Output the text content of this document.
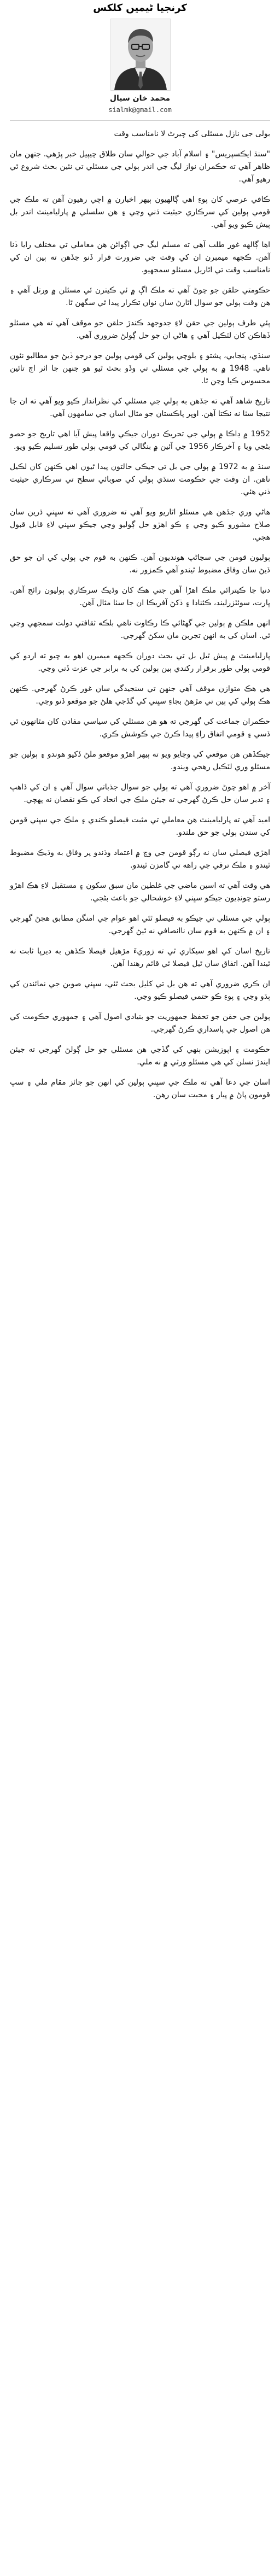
کرنجیا ٹیمیں کلکس
محمد خان سیال
sialmk@gmail.com

بولی جی نازل مسئلی کی چیرٹ لا نامناسب وقت

"سنڌ ايڪسپريس" ۽ اسلام آباد جي حوالي سان طلاق چيپيل خبر پڙهي. جنهن مان ظاهر آهي ته حڪمران نواز ليگ جي اندر ٻولي جي مسئلي تي نئين بحث شروع ٿي رهيو آهي.

ڪافي عرصي کان پوءِ اهي ڳالهيون ٻيهر اخبارن ۾ اچي رهيون آهن ته ملڪ جي قومي ٻولين کي سرڪاري حيثيت ڏني وڃي ۽ هن سلسلي ۾ پارليامينٽ اندر بل پيش ڪيو ويو آهي.

اها ڳالهه غور طلب آهي ته مسلم ليگ جي اڳواڻن هن معاملي تي مختلف رايا ڏنا آهن. ڪجهه ميمبرن ان کي وقت جي ضرورت قرار ڏنو جڏهن ته ٻين ان کي نامناسب وقت تي اٿاريل مسئلو سمجهيو.

حڪومتي حلقن جو چوڻ آهي ته ملڪ اڳ ۾ ئي ڪيترن ئي مسئلن ۾ ورتل آهي ۽ هن وقت ٻولي جو سوال اٿارڻ سان نوان تڪرار پيدا ٿي سگهن ٿا.

ٻئي طرف ٻولين جي حقن لاءِ جدوجهد ڪندڙ حلقن جو موقف آهي ته هي مسئلو ڏهاڪن کان لٽڪيل آهي ۽ هاڻي ان جو حل ڳولڻ ضروري آهي.

سنڌي، پنجابي، پشتو ۽ بلوچي ٻولين کي قومي ٻولين جو درجو ڏيڻ جو مطالبو نئون ناهي. 1948 ۾ به ٻولي جي مسئلي تي وڏو بحث ٿيو هو جنهن جا اثر اڄ تائين محسوس ڪيا وڃن ٿا.

تاريخ شاهد آهي ته جڏهن به ٻولي جي مسئلي کي نظرانداز ڪيو ويو آهي ته ان جا نتيجا سٺا نه نڪتا آهن. اوڀر پاڪستان جو مثال اسان جي سامهون آهي.

1952 ۾ ڍاڪا ۾ ٻولي جي تحريڪ دوران جيڪي واقعا پيش آيا اهي تاريخ جو حصو بڻجي ويا ۽ آخرڪار 1956 جي آئين ۾ بنگالي کي قومي ٻولي طور تسليم ڪيو ويو.

سنڌ ۾ به 1972 ۾ ٻولي جي بل تي جيڪي حالتون پيدا ٿيون اهي ڪنهن کان لڪيل ناهن. ان وقت جي حڪومت سنڌي ٻولي کي صوبائي سطح تي سرڪاري حيثيت ڏني هئي.

هاڻي وري جڏهن هي مسئلو اٿاريو ويو آهي ته ضروري آهي ته سڀني ڌرين سان صلاح مشورو ڪيو وڃي ۽ ڪو اهڙو حل ڳوليو وڃي جيڪو سڀني لاءِ قابل قبول هجي.

ٻوليون قومن جي سڃاڻپ هونديون آهن. ڪنهن به قوم جي ٻولي کي ان جو حق ڏيڻ سان وفاق مضبوط ٿيندو آهي ڪمزور نه.

دنيا جا ڪيترائي ملڪ اهڙا آهن جتي هڪ کان وڌيڪ سرڪاري ٻوليون رائج آهن. ڀارت، سوئٽزرلينڊ، ڪئناڊا ۽ ڏکڻ آفريڪا ان جا سٺا مثال آهن.

انهن ملڪن ۾ ٻولين جي گهڻائي ڪا رڪاوٽ ناهي بلڪه ثقافتي دولت سمجهي وڃي ٿي. اسان کي به انهن تجربن مان سکڻ گهرجي.

پارليامينٽ ۾ پيش ٿيل بل تي بحث دوران ڪجهه ميمبرن اهو به چيو ته اردو کي قومي ٻولي طور برقرار رکندي ٻين ٻولين کي به برابر جي عزت ڏني وڃي.

هي هڪ متوازن موقف آهي جنهن تي سنجيدگي سان غور ڪرڻ گهرجي. ڪنهن هڪ ٻولي کي ٻين تي مڙهڻ بجاءِ سڀني کي گڏجي هلڻ جو موقعو ڏنو وڃي.

حڪمران جماعت کي گهرجي ته هو هن مسئلي کي سياسي مفادن کان مٿانهون ٿي ڏسي ۽ قومي اتفاق راءِ پيدا ڪرڻ جي ڪوشش ڪري.

جيڪڏهن هن موقعي کي وڃايو ويو ته ٻيهر اهڙو موقعو ملڻ ڏکيو هوندو ۽ ٻولين جو مسئلو وري لٽڪيل رهجي ويندو.

آخر ۾ اهو چوڻ ضروري آهي ته ٻولي جو سوال جذباتي سوال آهي ۽ ان کي ڏاهپ ۽ تدبر سان حل ڪرڻ گهرجي ته جيئن ملڪ جي اتحاد کي ڪو نقصان نه پهچي.

اميد آهي ته پارليامينٽ هن معاملي تي مثبت فيصلو ڪندي ۽ ملڪ جي سڀني قومن کي سندن ٻولي جو حق ملندو.

اهڙي فيصلي سان نه رڳو قومن جي وچ ۾ اعتماد وڌندو پر وفاق به وڌيڪ مضبوط ٿيندو ۽ ملڪ ترقي جي راهه تي گامزن ٿيندو.

هي وقت آهي ته اسين ماضي جي غلطين مان سبق سکون ۽ مستقبل لاءِ هڪ اهڙو رستو چونڊيون جيڪو سڀني لاءِ خوشحالي جو باعث بڻجي.

ٻولي جي مسئلي تي جيڪو به فيصلو ٿئي اهو عوام جي امنگن مطابق هجڻ گهرجي ۽ ان ۾ ڪنهن به قوم سان ناانصافي نه ٿيڻ گهرجي.

تاريخ اسان کي اهو سيکاري ٿي ته زوريءَ مڙهيل فيصلا ڪڏهن به ديرپا ثابت نه ٿيندا آهن. اتفاق سان ٿيل فيصلا ئي قائم رهندا آهن.

ان ڪري ضروري آهي ته هن بل تي کليل بحث ٿئي، سڀني صوبن جي نمائندن کي ٻڌو وڃي ۽ پوءِ ڪو حتمي فيصلو ڪيو وڃي.

ٻولين جي حقن جو تحفظ جمهوريت جو بنيادي اصول آهي ۽ جمهوري حڪومت کي هن اصول جي پاسداري ڪرڻ گهرجي.

حڪومت ۽ اپوزيشن ٻنهي کي گڏجي هن مسئلي جو حل ڳولڻ گهرجي ته جيئن ايندڙ نسلن کي هي مسئلو ورثي ۾ نه ملي.

اسان جي دعا آهي ته ملڪ جي سڀني ٻولين کي انهن جو جائز مقام ملي ۽ سڀ قومون پاڻ ۾ پيار ۽ محبت سان رهن.
